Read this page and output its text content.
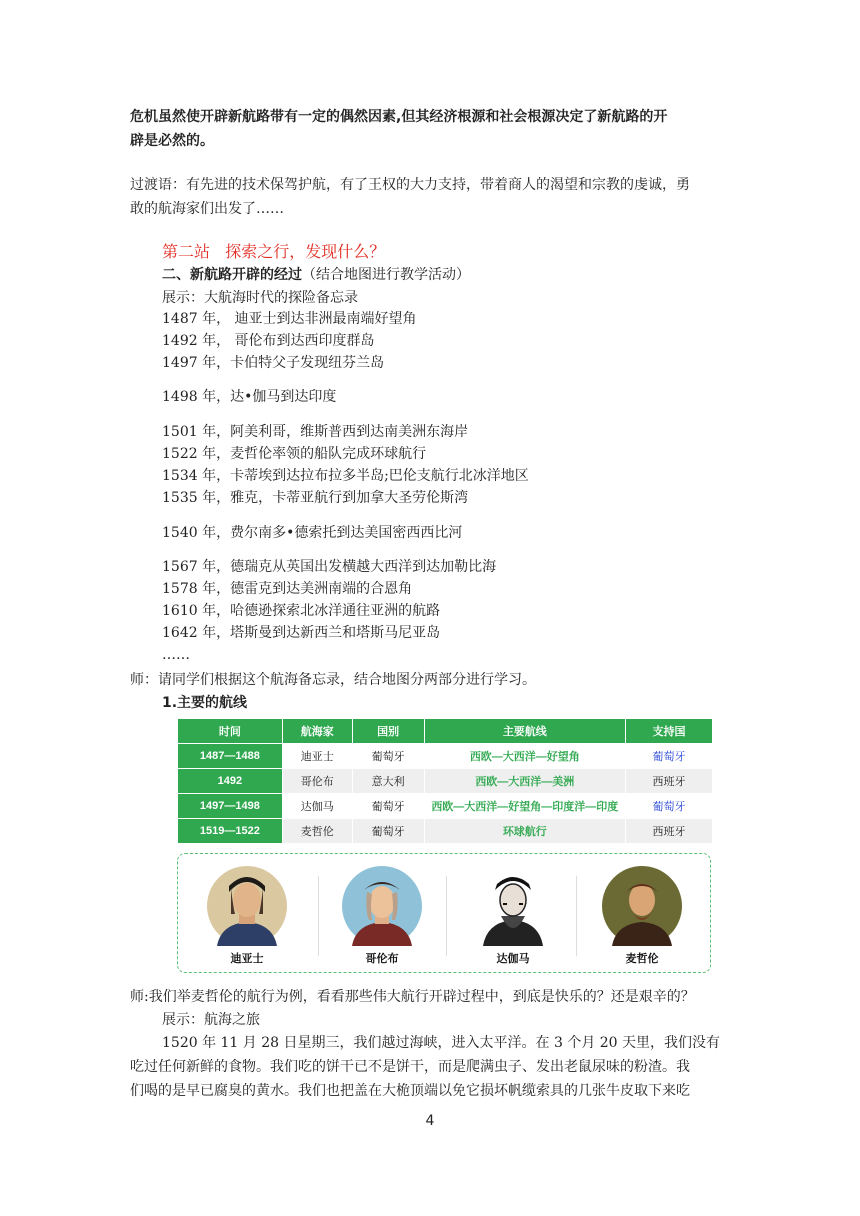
危机虽然使开辟新航路带有一定的偶然因素,但其经济根源和社会根源决定了新航路的开
辟是必然的。
过渡语：有先进的技术保驾护航，有了王权的大力支持，带着商人的渴望和宗教的虔诚，勇
敢的航海家们出发了……
第二站   探索之行，发现什么？
二、新航路开辟的经过（结合地图进行教学活动）
展示：大航海时代的探险备忘录
1487 年， 迪亚士到达非洲最南端好望角
1492 年， 哥伦布到达西印度群岛
1497 年，卡伯特父子发现纽芬兰岛
1498 年，达•伽马到达印度
1501 年，阿美利哥，维斯普西到达南美洲东海岸
1522 年，麦哲伦率领的船队完成环球航行
1534 年，卡蒂埃到达拉布拉多半岛;巴伦支航行北冰洋地区
1535 年，雅克，卡蒂亚航行到加拿大圣劳伦斯湾
1540 年，费尔南多•德索托到达美国密西西比河
1567 年，德瑞克从英国出发横越大西洋到达加勒比海
1578 年，德雷克到达美洲南端的合恩角
1610 年，哈德逊探索北冰洋通往亚洲的航路
1642 年，塔斯曼到达新西兰和塔斯马尼亚岛
……
师：请同学们根据这个航海备忘录，结合地图分两部分进行学习。
1.主要的航线
时间	航海家	国别	主要航线	支持国
1487—1488	迪亚士	葡萄牙	西欧—大西洋—好望角	葡萄牙
1492	哥伦布	意大利	西欧—大西洋—美洲	西班牙
1497—1498	达伽马	葡萄牙	西欧—大西洋—好望角—印度洋—印度	葡萄牙
1519—1522	麦哲伦	葡萄牙	环球航行	西班牙
迪亚士	哥伦布	达伽马	麦哲伦
师:我们举麦哲伦的航行为例，看看那些伟大航行开辟过程中，到底是快乐的？还是艰辛的？
展示：航海之旅
1520 年 11 月 28 日星期三，我们越过海峡，进入太平洋。在 3 个月 20 天里，我们没有
吃过任何新鲜的食物。我们吃的饼干已不是饼干，而是爬满虫子、发出老鼠尿味的粉渣。我
们喝的是早已腐臭的黄水。我们也把盖在大桅顶端以免它损坏帆缆索具的几张牛皮取下来吃
4
